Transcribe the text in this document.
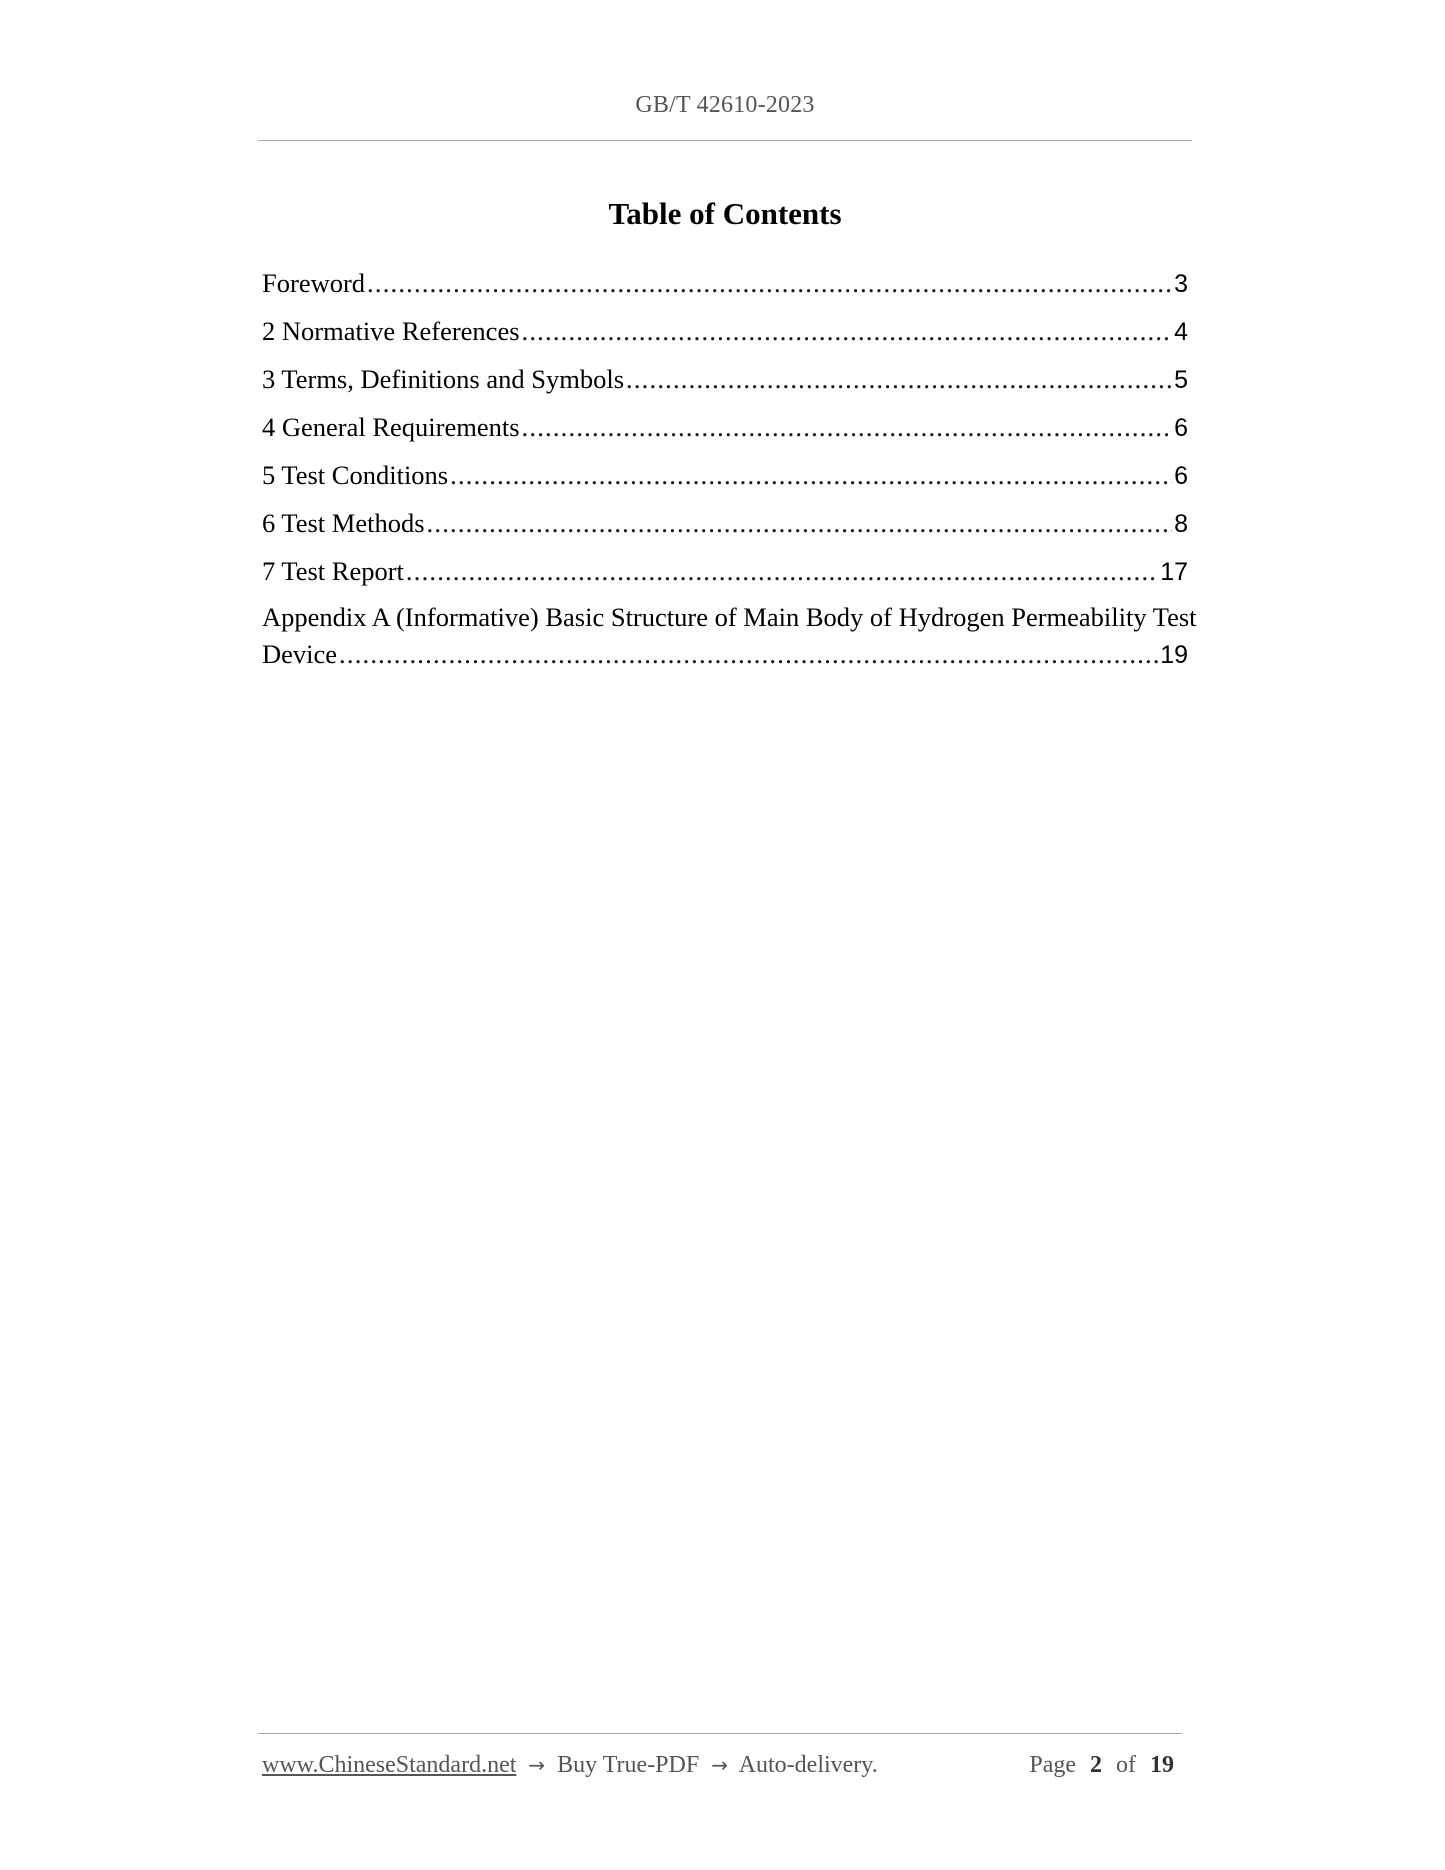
GB/T 42610-2023
Table of Contents
Foreword .....	3
2 Normative References .....	4
3 Terms, Definitions and Symbols .....	5
4 General Requirements .....	6
5 Test Conditions .....	6
6 Test Methods .....	8
7 Test Report .....	17
Appendix A (Informative) Basic Structure of Main Body of Hydrogen Permeability Test
Device .....	19
www.ChineseStandard.net → Buy True-PDF → Auto-delivery.	Page 2 of 19
